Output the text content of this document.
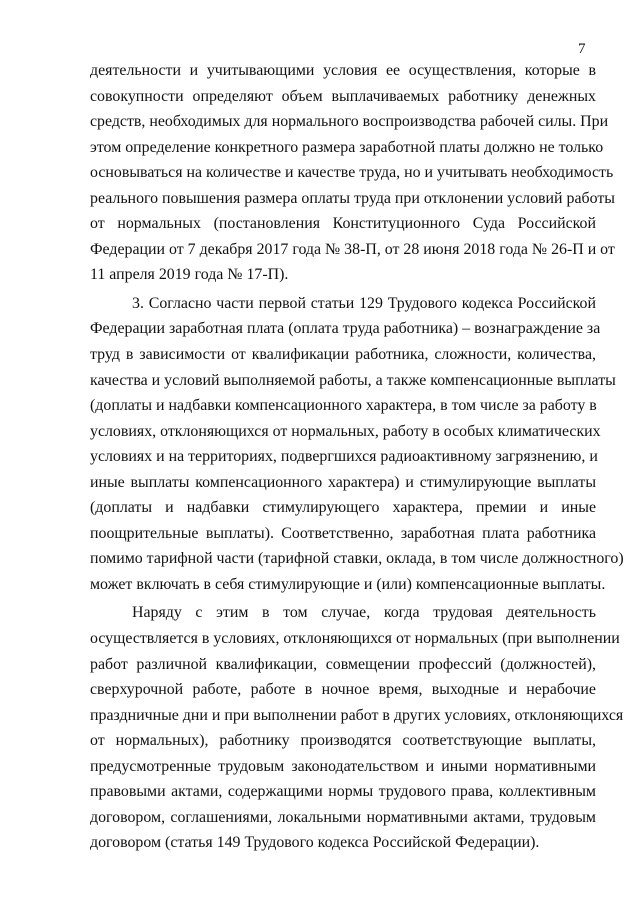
7
деятельности и учитывающими условия ее осуществления, которые в
совокупности определяют объем выплачиваемых работнику денежных
средств, необходимых для нормального воспроизводства рабочей силы. При
этом определение конкретного размера заработной платы должно не только
основываться на количестве и качестве труда, но и учитывать необходимость
реального повышения размера оплаты труда при отклонении условий работы
от нормальных (постановления Конституционного Суда Российской
Федерации от 7 декабря 2017 года № 38-П, от 28 июня 2018 года № 26-П и от
11 апреля 2019 года № 17-П).
3. Согласно части первой статьи 129 Трудового кодекса Российской
Федерации заработная плата (оплата труда работника) – вознаграждение за
труд в зависимости от квалификации работника, сложности, количества,
качества и условий выполняемой работы, а также компенсационные выплаты
(доплаты и надбавки компенсационного характера, в том числе за работу в
условиях, отклоняющихся от нормальных, работу в особых климатических
условиях и на территориях, подвергшихся радиоактивному загрязнению, и
иные выплаты компенсационного характера) и стимулирующие выплаты
(доплаты и надбавки стимулирующего характера, премии и иные
поощрительные выплаты). Соответственно, заработная плата работника
помимо тарифной части (тарифной ставки, оклада, в том числе должностного)
может включать в себя стимулирующие и (или) компенсационные выплаты.
Наряду с этим в том случае, когда трудовая деятельность
осуществляется в условиях, отклоняющихся от нормальных (при выполнении
работ различной квалификации, совмещении профессий (должностей),
сверхурочной работе, работе в ночное время, выходные и нерабочие
праздничные дни и при выполнении работ в других условиях, отклоняющихся
от нормальных), работнику производятся соответствующие выплаты,
предусмотренные трудовым законодательством и иными нормативными
правовыми актами, содержащими нормы трудового права, коллективным
договором, соглашениями, локальными нормативными актами, трудовым
договором (статья 149 Трудового кодекса Российской Федерации).
